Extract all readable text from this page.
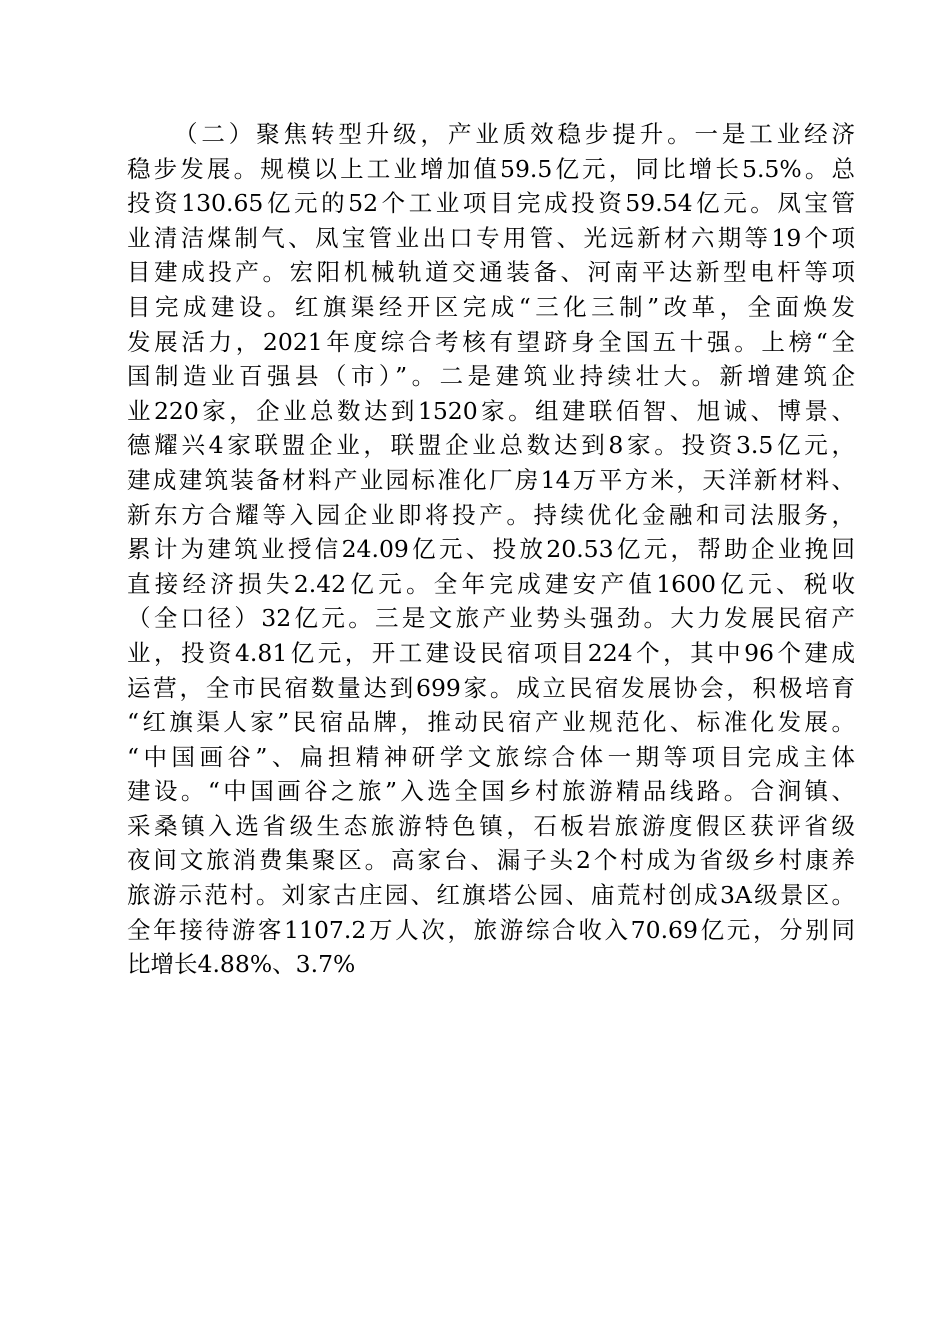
（二）聚焦转型升级，产业质效稳步提升。一是工业经济
稳步发展。规模以上工业增加值59.5亿元，同比增长5.5%。总
投资130.65亿元的52个工业项目完成投资59.54亿元。凤宝管
业清洁煤制气、凤宝管业出口专用管、光远新材六期等19个项
目建成投产。宏阳机械轨道交通装备、河南平达新型电杆等项
目完成建设。红旗渠经开区完成“三化三制”改革，全面焕发
发展活力，2021年度综合考核有望跻身全国五十强。上榜“全
国制造业百强县（市）”。二是建筑业持续壮大。新增建筑企
业220家，企业总数达到1520家。组建联佰智、旭诚、博景、
德耀兴4家联盟企业，联盟企业总数达到8家。投资3.5亿元，
建成建筑装备材料产业园标准化厂房14万平方米，天洋新材料、
新东方合耀等入园企业即将投产。持续优化金融和司法服务，
累计为建筑业授信24.09亿元、投放20.53亿元，帮助企业挽回
直接经济损失2.42亿元。全年完成建安产值1600亿元、税收
（全口径）32亿元。三是文旅产业势头强劲。大力发展民宿产
业，投资4.81亿元，开工建设民宿项目224个，其中96个建成
运营，全市民宿数量达到699家。成立民宿发展协会，积极培育
“红旗渠人家”民宿品牌，推动民宿产业规范化、标准化发展。
“中国画谷”、扁担精神研学文旅综合体一期等项目完成主体
建设。“中国画谷之旅”入选全国乡村旅游精品线路。合涧镇、
采桑镇入选省级生态旅游特色镇，石板岩旅游度假区获评省级
夜间文旅消费集聚区。高家台、漏子头2个村成为省级乡村康养
旅游示范村。刘家古庄园、红旗塔公园、庙荒村创成3A级景区。
全年接待游客1107.2万人次，旅游综合收入70.69亿元，分别同
比增长4.88%、3.7%
